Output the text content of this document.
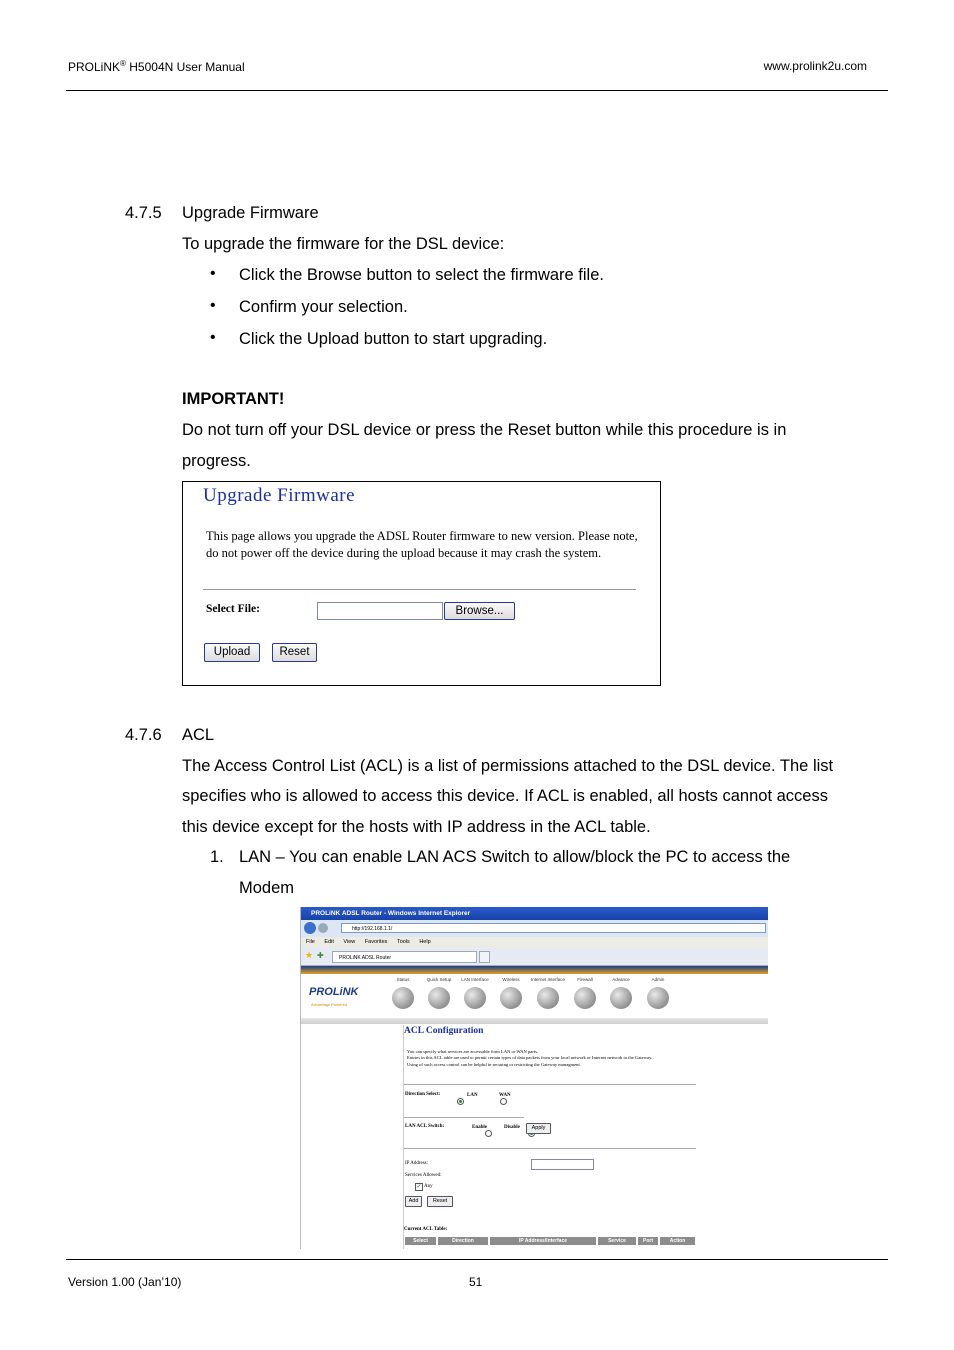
PROLiNK® H5004N User Manual	www.prolink2u.com
4.7.5 Upgrade Firmware
To upgrade the firmware for the DSL device:
• Click the Browse button to select the firmware file.
• Confirm your selection.
• Click the Upload button to start upgrading.
IMPORTANT!
Do not turn off your DSL device or press the Reset button while this procedure is in
progress.
Upgrade Firmware
This page allows you upgrade the ADSL Router firmware to new version. Please note, do not power off the device during the upload because it may crash the system.
Select File:	Browse...
Upload	Reset
4.7.6 ACL
The Access Control List (ACL) is a list of permissions attached to the DSL device. The list
specifies who is allowed to access this device. If ACL is enabled, all hosts cannot access
this device except for the hosts with IP address in the ACL table.
1. LAN – You can enable LAN ACS Switch to allow/block the PC to access the
Modem
PROLiNK ADSL Router - Windows Internet Explorer
http://192.168.1.1/
File Edit View Favorites Tools Help
★ ✚	PROLiNK ADSL Router
PROLiNK
Advantage Powered
Status	Quick Setup	LAN Interface	Wireless	Internet Interface	Firewall	Advance	Admin
ACL Configuration
You can specify what services are accessable form LAN or WAN parts.
Entries in this ACL table are used to permit certain types of data packets from your local network or Internet network to the Gateway.
Using of such access control can be helpful in securing or restricting the Gateway managment.
Direction Select:
	LAN
	WAN
LAN ACL Switch:
	Enable	Disable	Apply
IP Address:
Services Allowed:
✓ Any
Add	Reset
Current ACL Table:
Select	Direction	IP Address/Interface	Service	Port	Action
Version 1.00 (Jan’10)	51
